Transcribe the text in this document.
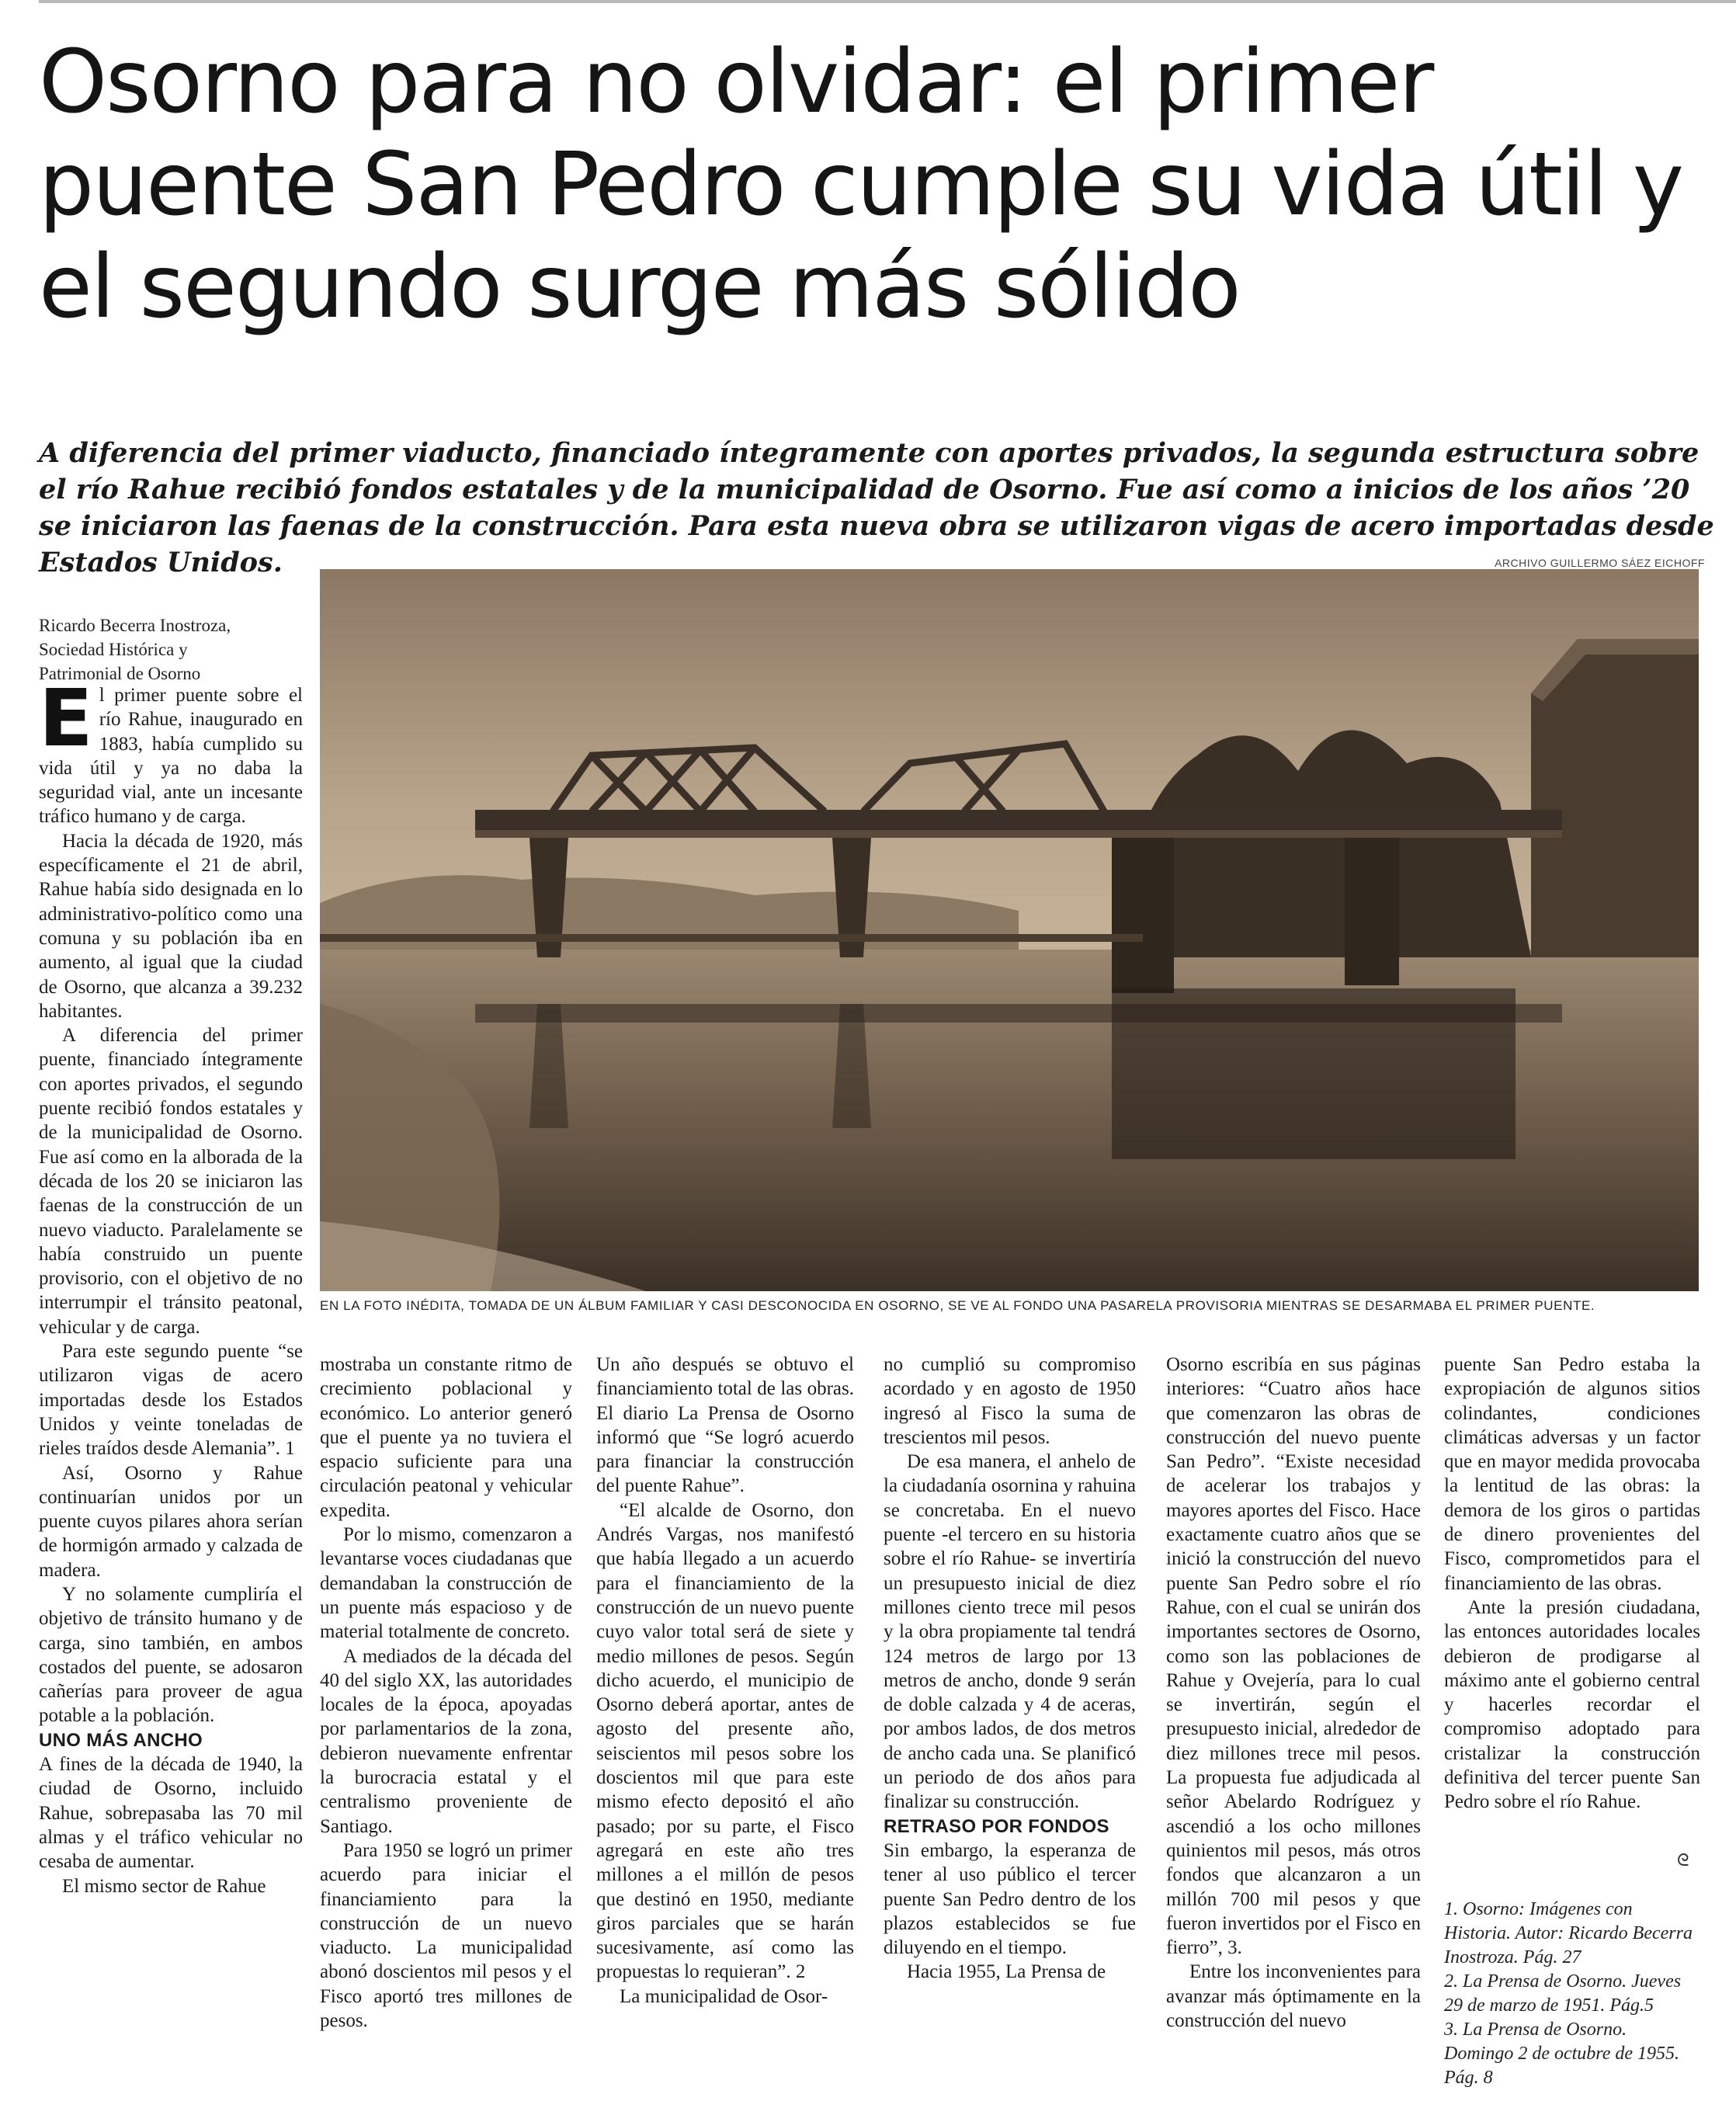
Osorno para no olvidar: el primer puente San Pedro cumple su vida útil y el segundo surge más sólido

A diferencia del primer viaducto, financiado íntegramente con aportes privados, la segunda estructura sobre el río Rahue recibió fondos estatales y de la municipalidad de Osorno. Fue así como a inicios de los años ’20 se iniciaron las faenas de la construcción. Para esta nueva obra se utilizaron vigas de acero importadas desde Estados Unidos.	ARCHIVO GUILLERMO SÁEZ EICHOFF
Ricardo Becerra Inostroza,
Sociedad Histórica y
Patrimonial de Osorno
EN LA FOTO INÉDITA, TOMADA DE UN ÁLBUM FAMILIAR Y CASI DESCONOCIDA EN OSORNO, SE VE AL FONDO UNA PASARELA PROVISORIA MIENTRAS SE DESARMABA EL PRIMER PUENTE.

El primer puente sobre el río Rahue, inaugurado en 1883, había cumplido su vida útil y ya no daba la seguridad vial, ante un incesante tráfico humano y de carga.

Hacia la década de 1920, más específicamente el 21 de abril, Rahue había sido designada en lo administrativo-político como una comuna y su población iba en aumento, al igual que la ciudad de Osorno, que alcanza a 39.232 habitantes.

A diferencia del primer puente, financiado íntegramente con aportes privados, el segundo puente recibió fondos estatales y de la municipalidad de Osorno. Fue así como en la alborada de la década de los 20 se iniciaron las faenas de la construcción de un nuevo viaducto. Paralelamente se había construido un puente provisorio, con el objetivo de no interrumpir el tránsito peatonal, vehicular y de carga.

Para este segundo puente “se utilizaron vigas de acero importadas desde los Estados Unidos y veinte toneladas de rieles traídos desde Alemania”. 1

Así, Osorno y Rahue continuarían unidos por un puente cuyos pilares ahora serían de hormigón armado y calzada de madera.

Y no solamente cumpliría el objetivo de tránsito humano y de carga, sino también, en ambos costados del puente, se adosaron cañerías para proveer de agua potable a la población.

UNO MÁS ANCHO

A fines de la década de 1940, la ciudad de Osorno, incluido Rahue, sobrepasaba las 70 mil almas y el tráfico vehicular no cesaba de aumentar.

El mismo sector de Rahue

mostraba un constante ritmo de crecimiento poblacional y económico. Lo anterior generó que el puente ya no tuviera el espacio suficiente para una circulación peatonal y vehicular expedita.

Por lo mismo, comenzaron a levantarse voces ciudadanas que demandaban la construcción de un puente más espacioso y de material totalmente de concreto.

A mediados de la década del 40 del siglo XX, las autoridades locales de la época, apoyadas por parlamentarios de la zona, debieron nuevamente enfrentar la burocracia estatal y el centralismo proveniente de Santiago.

Para 1950 se logró un primer acuerdo para iniciar el financiamiento para la construcción de un nuevo viaducto. La municipalidad abonó doscientos mil pesos y el Fisco aportó tres millones de pesos.

Un año después se obtuvo el financiamiento total de las obras. El diario La Prensa de Osorno informó que “Se logró acuerdo para financiar la construcción del puente Rahue”.

“El alcalde de Osorno, don Andrés Vargas, nos manifestó que había llegado a un acuerdo para el financiamiento de la construcción de un nuevo puente cuyo valor total será de siete y medio millones de pesos. Según dicho acuerdo, el municipio de Osorno deberá aportar, antes de agosto del presente año, seiscientos mil pesos sobre los doscientos mil que para este mismo efecto depositó el año pasado; por su parte, el Fisco agregará en este año tres millones a el millón de pesos que destinó en 1950, mediante giros parciales que se harán sucesivamente, así como las propuestas lo requieran”. 2

La municipalidad de Osor-

no cumplió su compromiso acordado y en agosto de 1950 ingresó al Fisco la suma de trescientos mil pesos.

De esa manera, el anhelo de la ciudadanía osornina y rahuina se concretaba. En el nuevo puente -el tercero en su historia sobre el río Rahue- se invertiría un presupuesto inicial de diez millones ciento trece mil pesos y la obra propiamente tal tendrá 124 metros de largo por 13 metros de ancho, donde 9 serán de doble calzada y 4 de aceras, por ambos lados, de dos metros de ancho cada una. Se planificó un periodo de dos años para finalizar su construcción.

RETRASO POR FONDOS

Sin embargo, la esperanza de tener al uso público el tercer puente San Pedro dentro de los plazos establecidos se fue diluyendo en el tiempo.

Hacia 1955, La Prensa de

Osorno escribía en sus páginas interiores: “Cuatro años hace que comenzaron las obras de construcción del nuevo puente San Pedro”. “Existe necesidad de acelerar los trabajos y mayores aportes del Fisco. Hace exactamente cuatro años que se inició la construcción del nuevo puente San Pedro sobre el río Rahue, con el cual se unirán dos importantes sectores de Osorno, como son las poblaciones de Rahue y Ovejería, para lo cual se invertirán, según el presupuesto inicial, alrededor de diez millones trece mil pesos. La propuesta fue adjudicada al señor Abelardo Rodríguez y ascendió a los ocho millones quinientos mil pesos, más otros fondos que alcanzaron a un millón 700 mil pesos y que fueron invertidos por el Fisco en fierro”, 3.

Entre los inconvenientes para avanzar más óptimamente en la construcción del nuevo

puente San Pedro estaba la expropiación de algunos sitios colindantes, condiciones climáticas adversas y un factor que en mayor medida provocaba la lentitud de las obras: la demora de los giros o partidas de dinero provenientes del Fisco, comprometidos para el financiamiento de las obras.

Ante la presión ciudadana, las entonces autoridades locales debieron de prodigarse al máximo ante el gobierno central y hacerles recordar el compromiso adoptado para cristalizar la construcción definitiva del tercer puente San Pedro sobre el río Rahue.

ᘓ

1. Osorno: Imágenes con Historia. Autor: Ricardo Becerra Inostroza. Pág. 27

2. La Prensa de Osorno. Jueves 29 de marzo de 1951. Pág.5

3. La Prensa de Osorno. Domingo 2 de octubre de 1955. Pág. 8
